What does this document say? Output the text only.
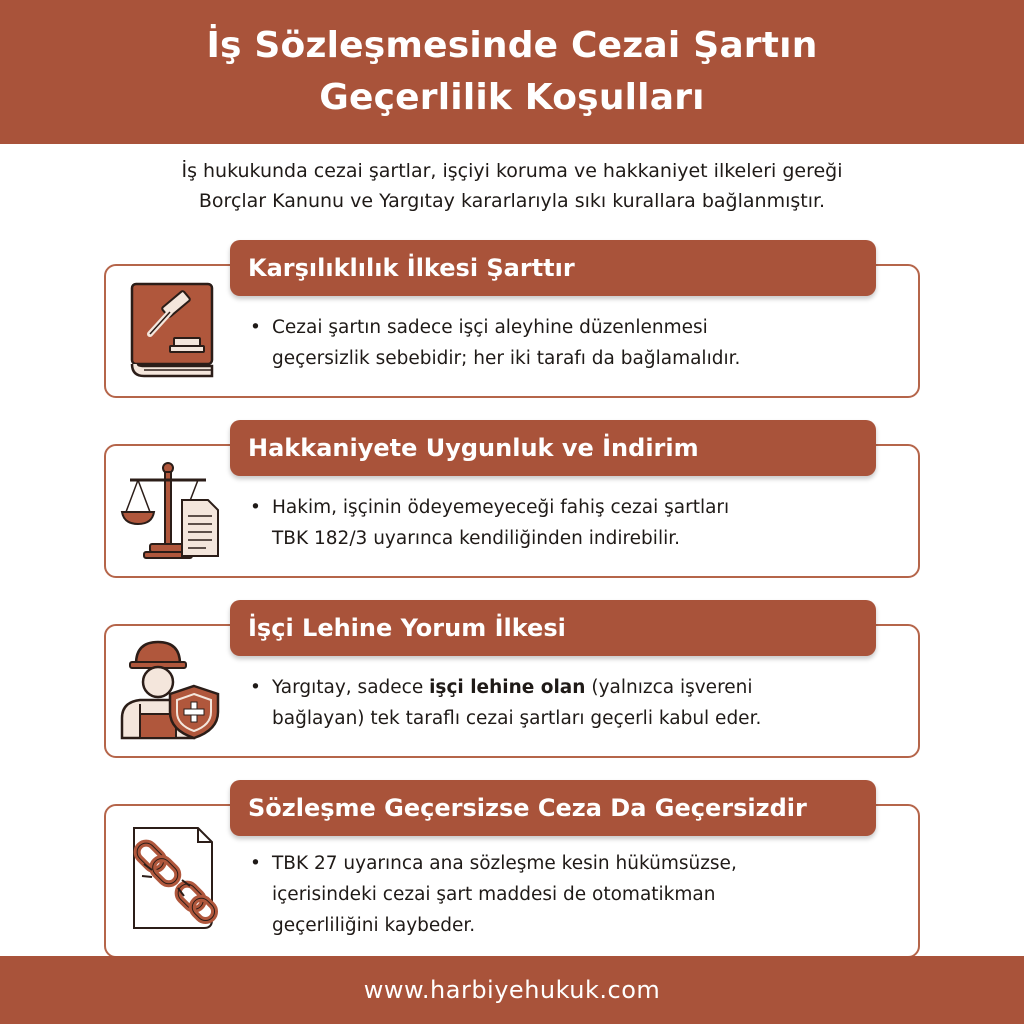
İş Sözleşmesinde Cezai Şartın
Geçerlilik Koşulları
İş hukukunda cezai şartlar, işçiyi koruma ve hakkaniyet ilkeleri gereği
Borçlar Kanunu ve Yargıtay kararlarıyla sıkı kurallara bağlanmıştır.
Karşılıklılık İlkesi Şarttır
• Cezai şartın sadece işçi aleyhine düzenlenmesi
geçersizlik sebebidir; her iki tarafı da bağlamalıdır.
Hakkaniyete Uygunluk ve İndirim
• Hakim, işçinin ödeyemeyeceği fahiş cezai şartları
TBK 182/3 uyarınca kendiliğinden indirebilir.
İşçi Lehine Yorum İlkesi
• Yargıtay, sadece işçi lehine olan (yalnızca işvereni
bağlayan) tek taraflı cezai şartları geçerli kabul eder.
Sözleşme Geçersizse Ceza Da Geçersizdir
• TBK 27 uyarınca ana sözleşme kesin hükümsüzse,
içerisindeki cezai şart maddesi de otomatikman
geçerliliğini kaybeder.
www.harbiyehukuk.com
